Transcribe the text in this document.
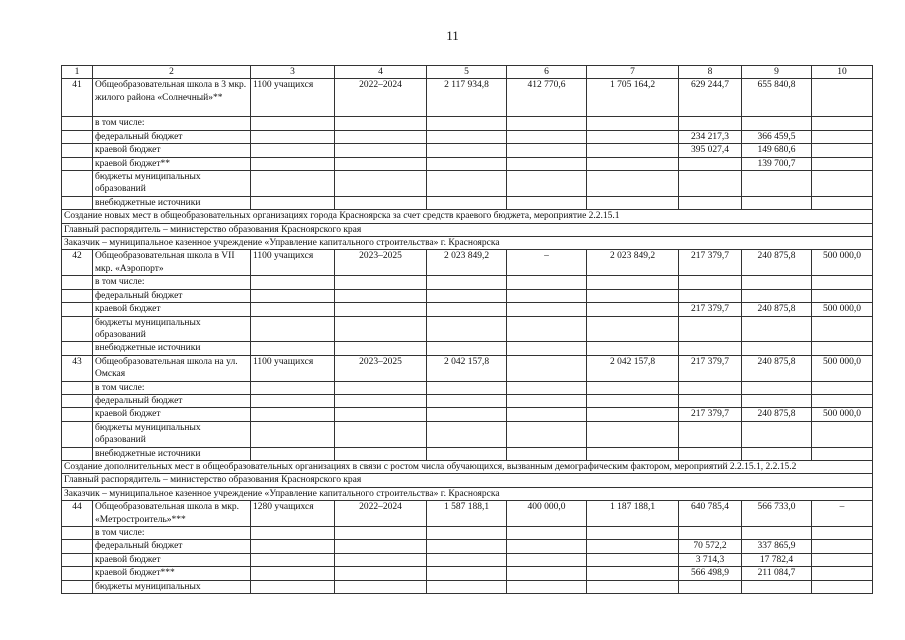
11
1	2	3	4	5	6	7	8	9	10
41	Общеобразовательная школа в 3 мкр. жилого района «Солнечный»**	1100 учащихся	2022–2024	2 117 934,8	412 770,6	1 705 164,2	629 244,7	655 840,8	
	в том числе:								
	федеральный бюджет						234 217,3	366 459,5	
	краевой бюджет						395 027,4	149 680,6	
	краевой бюджет**							139 700,7	
	бюджеты муниципальных образований								
	внебюджетные источники								
Создание новых мест в общеобразовательных организациях города Красноярска за счет средств краевого бюджета, мероприятие 2.2.15.1									
Главный распорядитель – министерство образования Красноярского края									
Заказчик – муниципальное казенное учреждение «Управление капитального строительства» г. Красноярска									
42	Общеобразовательная школа в VII мкр. «Аэропорт»	1100 учащихся	2023–2025	2 023 849,2	–	2 023 849,2	217 379,7	240 875,8	500 000,0
	в том числе:								
	федеральный бюджет								
	краевой бюджет						217 379,7	240 875,8	500 000,0
	бюджеты муниципальных образований								
	внебюджетные источники								
43	Общеобразовательная школа на ул. Омская	1100 учащихся	2023–2025	2 042 157,8		2 042 157,8	217 379,7	240 875,8	500 000,0
	в том числе:								
	федеральный бюджет								
	краевой бюджет						217 379,7	240 875,8	500 000,0
	бюджеты муниципальных образований								
	внебюджетные источники								
Создание дополнительных мест в общеобразовательных организациях в связи с ростом числа обучающихся, вызванным демографическим фактором, мероприятий 2.2.15.1, 2.2.15.2									
Главный распорядитель – министерство образования Красноярского края									
Заказчик – муниципальное казенное учреждение «Управление капитального строительства» г. Красноярска									
44	Общеобразовательная школа в мкр. «Метростроитель»***	1280 учащихся	2022–2024	1 587 188,1	400 000,0	1 187 188,1	640 785,4	566 733,0	–
	в том числе:								
	федеральный бюджет						70 572,2	337 865,9	
	краевой бюджет						3 714,3	17 782,4	
	краевой бюджет***						566 498,9	211 084,7	
	бюджеты муниципальных								
